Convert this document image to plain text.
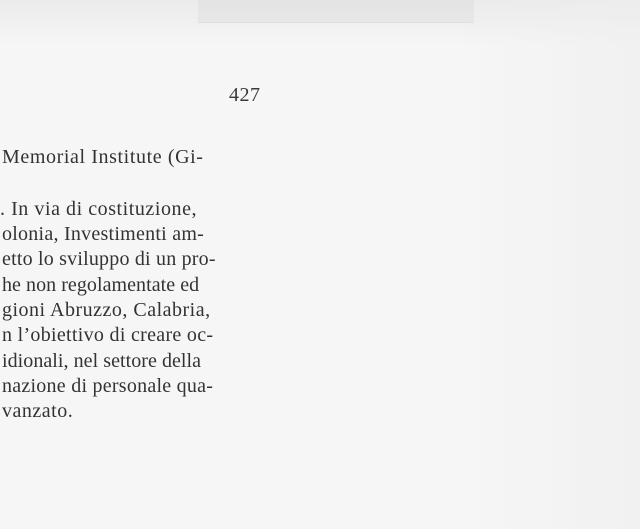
427
Memorial Institute (Gi-
. In via di costituzione,
olonia, Investimenti am-
etto lo sviluppo di un pro-
he non regolamentate ed
gioni Abruzzo, Calabria,
n l’obiettivo di creare oc-
idionali, nel settore della
nazione di personale qua-
vanzato.
